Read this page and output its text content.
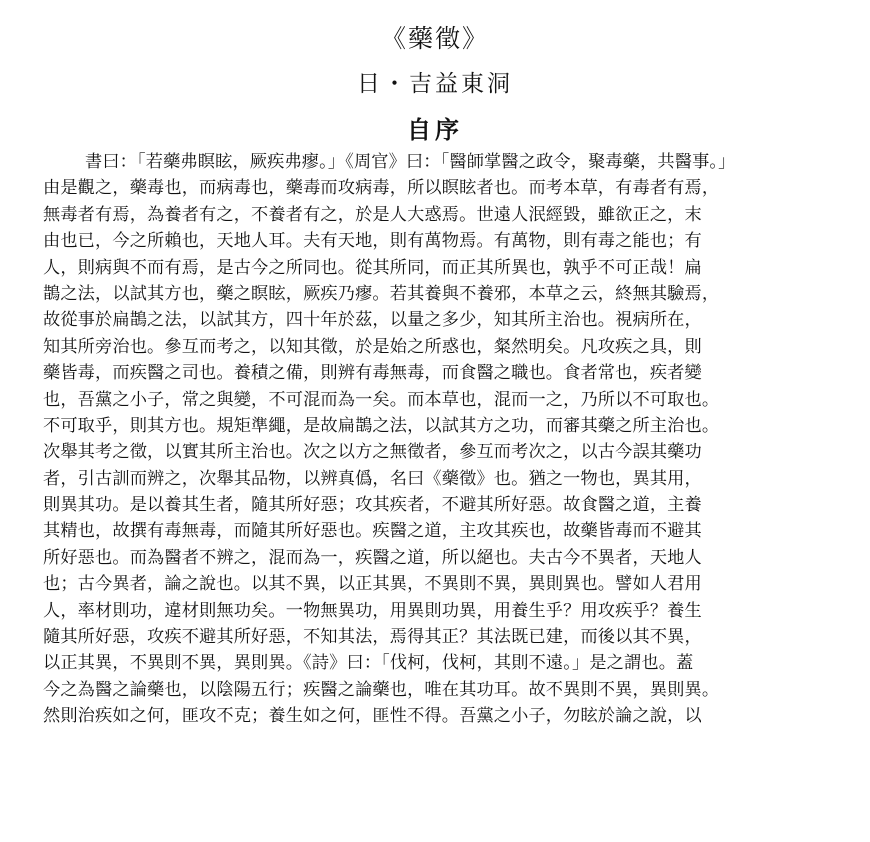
《藥徵》
日・吉益東洞
自序
書曰：「若藥弗瞑眩，厥疾弗瘳。」《周官》曰：「醫師掌醫之政令，聚毒藥，共醫事。」
由是觀之，藥毒也，而病毒也，藥毒而攻病毒，所以瞑眩者也。而考本草，有毒者有焉，
無毒者有焉，為養者有之，不養者有之，於是人大惑焉。世遠人泯經毀，雖欲正之，末
由也已，今之所賴也，天地人耳。夫有天地，則有萬物焉。有萬物，則有毒之能也；有
人，則病與不而有焉，是古今之所同也。從其所同，而正其所異也，孰乎不可正哉！扁
鵲之法，以試其方也，藥之瞑眩，厥疾乃瘳。若其養與不養邪，本草之云，終無其驗焉，
故從事於扁鵲之法，以試其方，四十年於茲，以量之多少，知其所主治也。視病所在，
知其所旁治也。參互而考之，以知其徵，於是始之所惑也，粲然明矣。凡攻疾之具，則
藥皆毒，而疾醫之司也。養積之備，則辨有毒無毒，而食醫之職也。食者常也，疾者變
也，吾黨之小子，常之與變，不可混而為一矣。而本草也，混而一之，乃所以不可取也。
不可取乎，則其方也。規矩準繩，是故扁鵲之法，以試其方之功，而審其藥之所主治也。
次舉其考之徵，以實其所主治也。次之以方之無徵者，參互而考次之，以古今誤其藥功
者，引古訓而辨之，次舉其品物，以辨真僞，名曰《藥徵》也。猶之一物也，異其用，
則異其功。是以養其生者，隨其所好惡；攻其疾者，不避其所好惡。故食醫之道，主養
其精也，故撰有毒無毒，而隨其所好惡也。疾醫之道，主攻其疾也，故藥皆毒而不避其
所好惡也。而為醫者不辨之，混而為一，疾醫之道，所以絕也。夫古今不異者，天地人
也；古今異者，論之說也。以其不異，以正其異，不異則不異，異則異也。譬如人君用
人，率材則功，違材則無功矣。一物無異功，用異則功異，用養生乎？用攻疾乎？養生
隨其所好惡，攻疾不避其所好惡，不知其法，焉得其正？其法既已建，而後以其不異，
以正其異，不異則不異，異則異。《詩》曰：「伐柯，伐柯，其則不遠。」是之謂也。蓋
今之為醫之論藥也，以陰陽五行；疾醫之論藥也，唯在其功耳。故不異則不異，異則異。
然則治疾如之何，匪攻不克；養生如之何，匪性不得。吾黨之小子，勿眩於論之說，以
